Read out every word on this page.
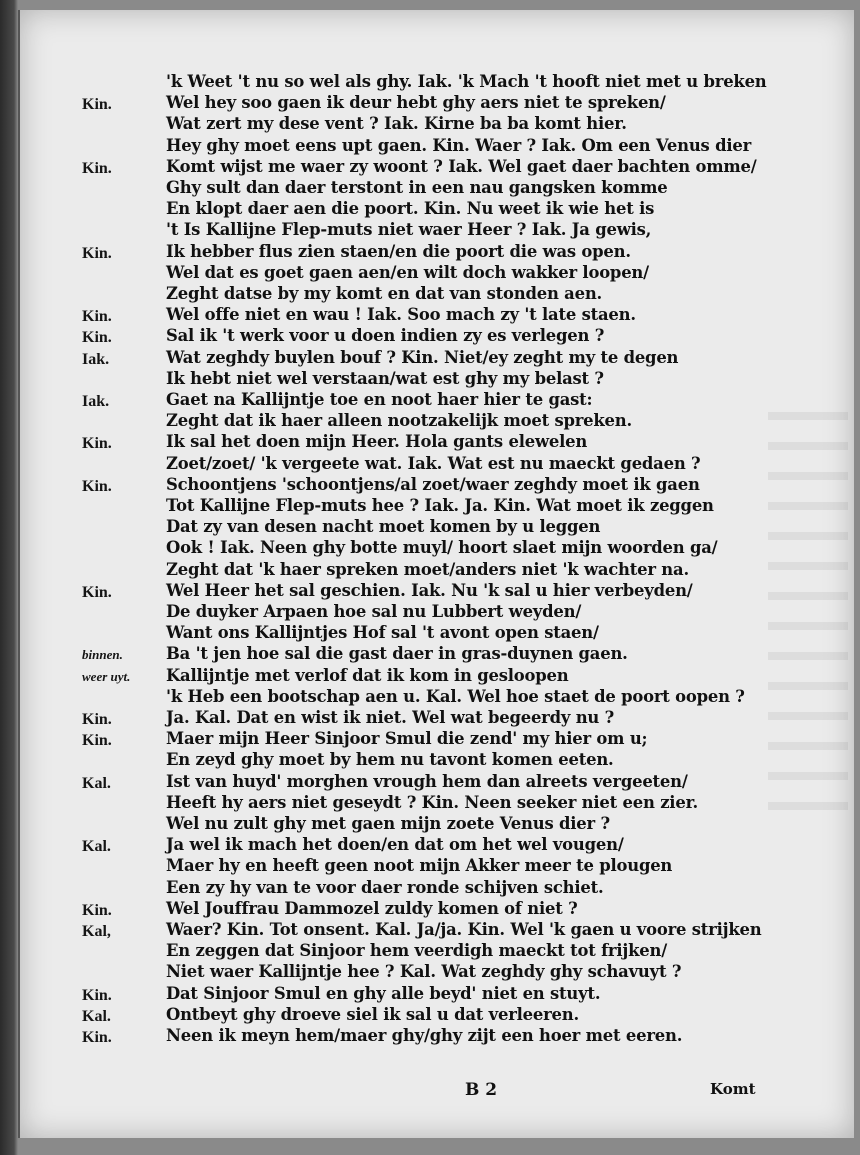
'k Weet 't nu so wel als ghy. Iak. 'k Mach 't hooft niet met u breken
Kin.	Wel hey soo gaen ik deur hebt ghy aers niet te spreken/
Wat zert my dese vent ? Iak. Kirne ba ba komt hier.
Hey ghy moet eens upt gaen. Kin. Waer ? Iak. Om een Venus dier
Kin.	Komt wijst me waer zy woont ? Iak. Wel gaet daer bachten omme/
Ghy sult dan daer terstont in een nau gangsken komme
En klopt daer aen die poort. Kin. Nu weet ik wie het is
't Is Kallijne Flep-muts niet waer Heer ? Iak. Ja gewis,
Kin.	Ik hebber flus zien staen/en die poort die was open.
Wel dat es goet gaen aen/en wilt doch wakker loopen/
Zeght datse by my komt en dat van stonden aen.
Kin.	Wel offe niet en wau ! Iak. Soo mach zy 't late staen.
Kin.	Sal ik 't werk voor u doen indien zy es verlegen ?
Iak.	Wat zeghdy buylen bouf ? Kin. Niet/ey zeght my te degen
Ik hebt niet wel verstaan/wat est ghy my belast ?
Iak.	Gaet na Kallijntje toe en noot haer hier te gast:
Zeght dat ik haer alleen nootzakelijk moet spreken.
Kin.	Ik sal het doen mijn Heer. Hola gants elewelen
Zoet/zoet/ 'k vergeete wat. Iak. Wat est nu maeckt gedaen ?
Kin.	Schoontjens 'schoontjens/al zoet/waer zeghdy moet ik gaen
Tot Kallijne Flep-muts hee ? Iak. Ja. Kin. Wat moet ik zeggen
Dat zy van desen nacht moet komen by u leggen
Ook ! Iak. Neen ghy botte muyl/ hoort slaet mijn woorden ga/
Zeght dat 'k haer spreken moet/anders niet 'k wachter na.
Kin.	Wel Heer het sal geschien. Iak. Nu 'k sal u hier verbeyden/
De duyker Arpaen hoe sal nu Lubbert weyden/
Want ons Kallijntjes Hof sal 't avont open staen/
binnen.	Ba 't jen hoe sal die gast daer in gras-duynen gaen.
weer uyt.	Kallijntje met verlof dat ik kom in gesloopen
'k Heb een bootschap aen u. Kal. Wel hoe staet de poort oopen ?
Kin.	Ja. Kal. Dat en wist ik niet. Wel wat begeerdy nu ?
Kin.	Maer mijn Heer Sinjoor Smul die zend' my hier om u;
En zeyd ghy moet by hem nu tavont komen eeten.
Kal.	Ist van huyd' morghen vrough hem dan alreets vergeeten/
Heeft hy aers niet geseydt ? Kin. Neen seeker niet een zier.
Wel nu zult ghy met gaen mijn zoete Venus dier ?
Kal.	Ja wel ik mach het doen/en dat om het wel vougen/
Maer hy en heeft geen noot mijn Akker meer te plougen
Een zy hy van te voor daer ronde schijven schiet.
Kin.	Wel Jouffrau Dammozel zuldy komen of niet ?
Kal,	Waer? Kin. Tot onsent. Kal. Ja/ja. Kin. Wel 'k gaen u voore strijken
En zeggen dat Sinjoor hem veerdigh maeckt tot frijken/
Niet waer Kallijntje hee ? Kal. Wat zeghdy ghy schavuyt ?
Kin.	Dat Sinjoor Smul en ghy alle beyd' niet en stuyt.
Kal.	Ontbeyt ghy droeve siel ik sal u dat verleeren.
Kin.	Neen ik meyn hem/maer ghy/ghy zijt een hoer met eeren.
B 2	Komt
